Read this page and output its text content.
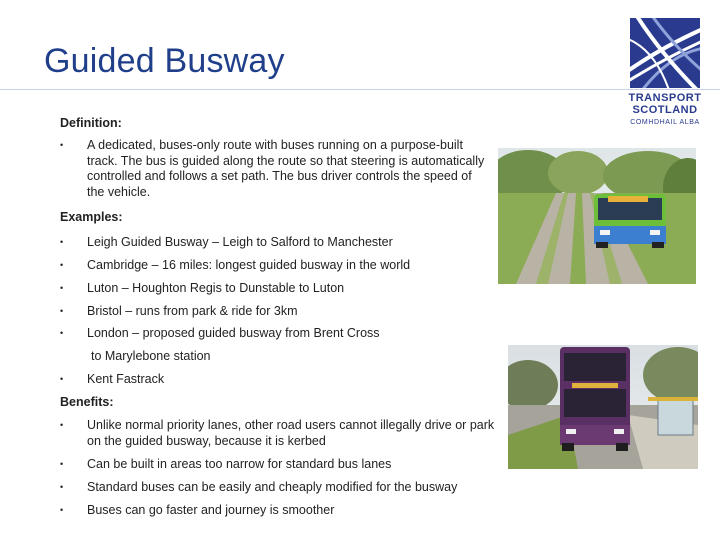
Guided Busway
TRANSPORT
SCOTLAND
COMHDHAIL ALBA
Definition:
•	A dedicated, buses-only route with buses running on a purpose-built track. The bus is guided along the route so that steering is automatically controlled and follows a set path. The bus driver controls the speed of the vehicle.
Examples:
•	Leigh Guided Busway – Leigh to Salford to Manchester
•	Cambridge – 16 miles: longest guided busway in the world
•	Luton – Houghton Regis to Dunstable to Luton
•	Bristol – runs from park & ride for 3km
•	London – proposed guided busway from Brent Cross
to Marylebone station
•	Kent Fastrack
Benefits:
•	Unlike normal priority lanes, other road users cannot illegally drive or park on the guided busway, because it is kerbed
•	Can be built in areas too narrow for standard bus lanes
•	Standard buses can be easily and cheaply modified for the busway
•	Buses can go faster and journey is smoother
